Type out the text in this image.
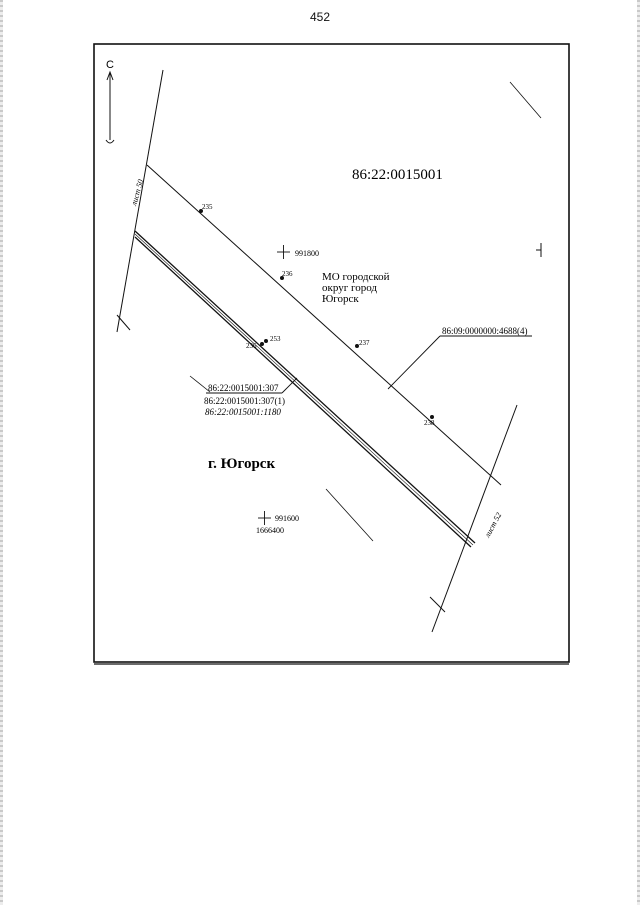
452
С
лист 50
лист 52
235
236
237
238
253
236
991800
991600
1666400
86:22:0015001
МО городской
округ город
Югорск
г. Югорск
86:09:0000000:4688(4)
86:22:0015001:307
86:22:0015001:307(1)
86:22:0015001:1180
